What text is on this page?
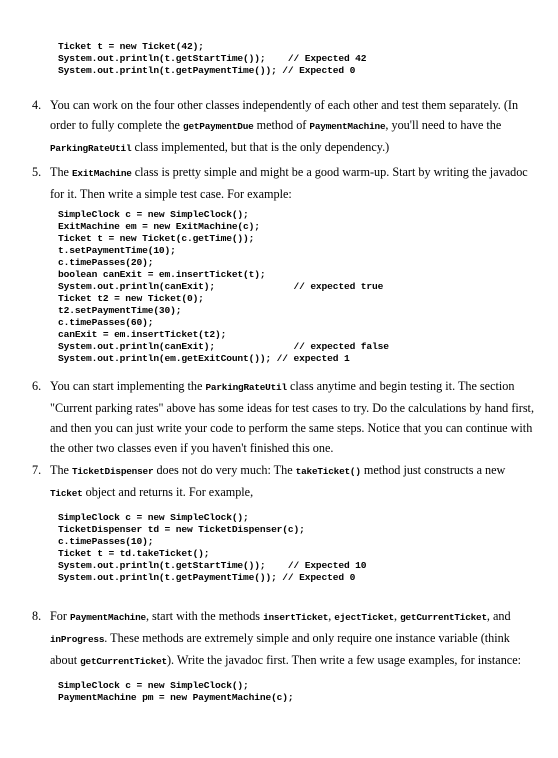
Ticket t = new Ticket(42);
System.out.println(t.getStartTime());    // Expected 42
System.out.println(t.getPaymentTime()); // Expected 0
4. You can work on the four other classes independently of each other and test them separately. (In order to fully complete the getPaymentDue method of PaymentMachine, you'll need to have the ParkingRateUtil class implemented, but that is the only dependency.)
5. The ExitMachine class is pretty simple and might be a good warm-up. Start by writing the javadoc for it. Then write a simple test case. For example:
SimpleClock c = new SimpleClock();
ExitMachine em = new ExitMachine(c);
Ticket t = new Ticket(c.getTime());
t.setPaymentTime(10);
c.timePasses(20);
boolean canExit = em.insertTicket(t);
System.out.println(canExit);              // expected true
Ticket t2 = new Ticket(0);
t2.setPaymentTime(30);
c.timePasses(60);
canExit = em.insertTicket(t2);
System.out.println(canExit);              // expected false
System.out.println(em.getExitCount()); // expected 1
6. You can start implementing the ParkingRateUtil class anytime and begin testing it. The section "Current parking rates" above has some ideas for test cases to try. Do the calculations by hand first, and then you can just write your code to perform the same steps. Notice that you can continue with the other two classes even if you haven't finished this one.
7. The TicketDispenser does not do very much: The takeTicket() method just constructs a new Ticket object and returns it. For example,
SimpleClock c = new SimpleClock();
TicketDispenser td = new TicketDispenser(c);
c.timePasses(10);
Ticket t = td.takeTicket();
System.out.println(t.getStartTime());    // Expected 10
System.out.println(t.getPaymentTime()); // Expected 0
8. For PaymentMachine, start with the methods insertTicket, ejectTicket, getCurrentTicket, and inProgress. These methods are extremely simple and only require one instance variable (think about getCurrentTicket). Write the javadoc first. Then write a few usage examples, for instance:
SimpleClock c = new SimpleClock();
PaymentMachine pm = new PaymentMachine(c);
